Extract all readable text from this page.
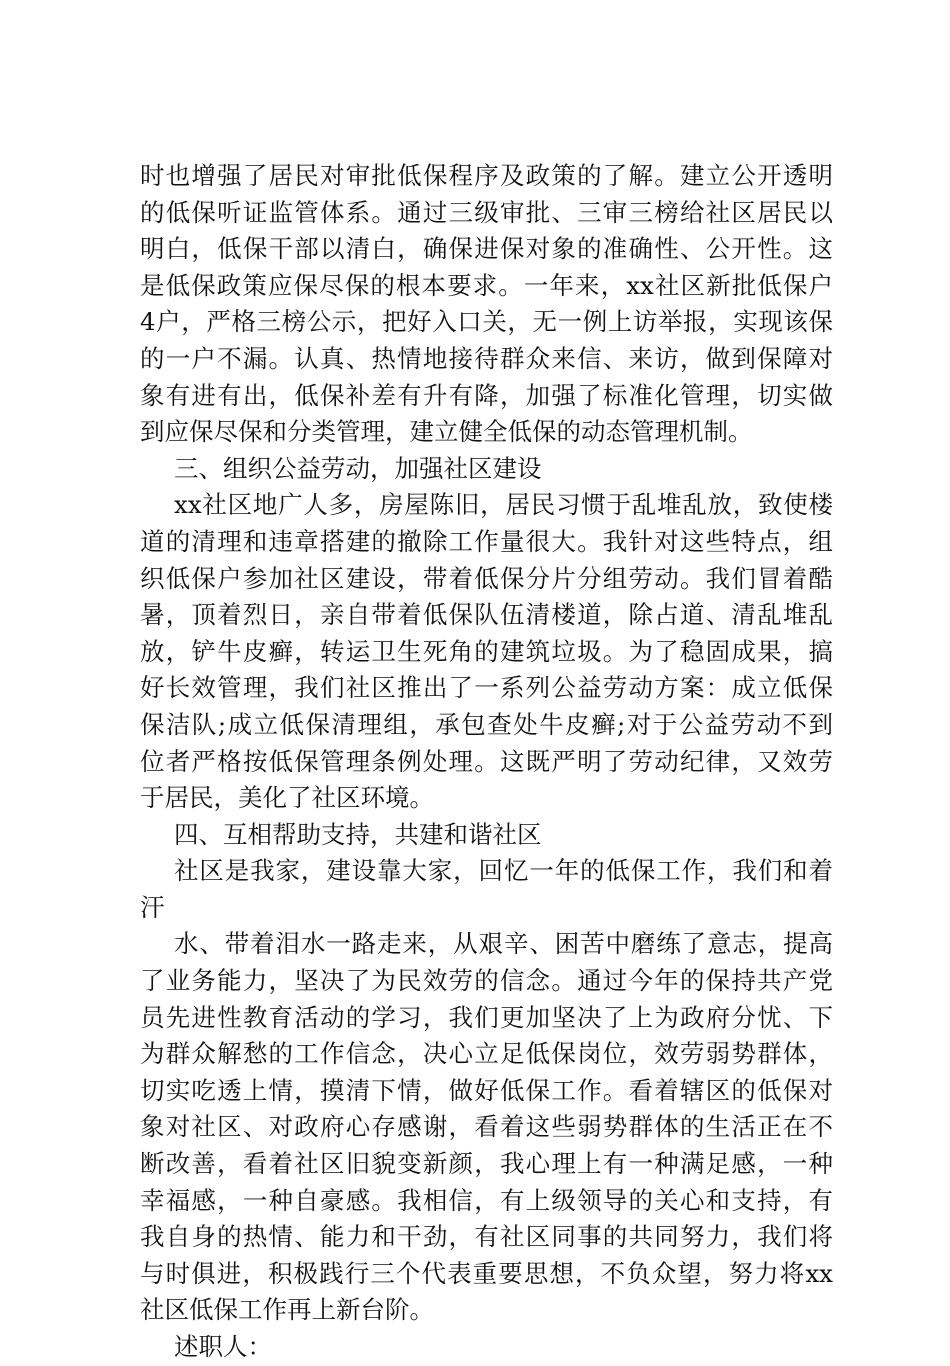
时也增强了居民对审批低保程序及政策的了解。建立公开透明
的低保听证监管体系。通过三级审批、三审三榜给社区居民以
明白，低保干部以清白，确保进保对象的准确性、公开性。这
是低保政策应保尽保的根本要求。一年来，xx社区新批低保户
4户，严格三榜公示，把好入口关，无一例上访举报，实现该保
的一户不漏。认真、热情地接待群众来信、来访，做到保障对
象有进有出，低保补差有升有降，加强了标准化管理，切实做
到应保尽保和分类管理，建立健全低保的动态管理机制。
三、组织公益劳动，加强社区建设
xx社区地广人多，房屋陈旧，居民习惯于乱堆乱放，致使楼
道的清理和违章搭建的撤除工作量很大。我针对这些特点，组
织低保户参加社区建设，带着低保分片分组劳动。我们冒着酷
暑，顶着烈日，亲自带着低保队伍清楼道，除占道、清乱堆乱
放，铲牛皮癣，转运卫生死角的建筑垃圾。为了稳固成果，搞
好长效管理，我们社区推出了一系列公益劳动方案：成立低保
保洁队;成立低保清理组，承包查处牛皮癣;对于公益劳动不到
位者严格按低保管理条例处理。这既严明了劳动纪律，又效劳
于居民，美化了社区环境。
四、互相帮助支持，共建和谐社区
社区是我家，建设靠大家，回忆一年的低保工作，我们和着
汗
水、带着泪水一路走来，从艰辛、困苦中磨练了意志，提高
了业务能力，坚决了为民效劳的信念。通过今年的保持共产党
员先进性教育活动的学习，我们更加坚决了上为政府分忧、下
为群众解愁的工作信念，决心立足低保岗位，效劳弱势群体，
切实吃透上情，摸清下情，做好低保工作。看着辖区的低保对
象对社区、对政府心存感谢，看着这些弱势群体的生活正在不
断改善，看着社区旧貌变新颜，我心理上有一种满足感，一种
幸福感，一种自豪感。我相信，有上级领导的关心和支持，有
我自身的热情、能力和干劲，有社区同事的共同努力，我们将
与时俱进，积极践行三个代表重要思想，不负众望，努力将xx
社区低保工作再上新台阶。
述职人：
